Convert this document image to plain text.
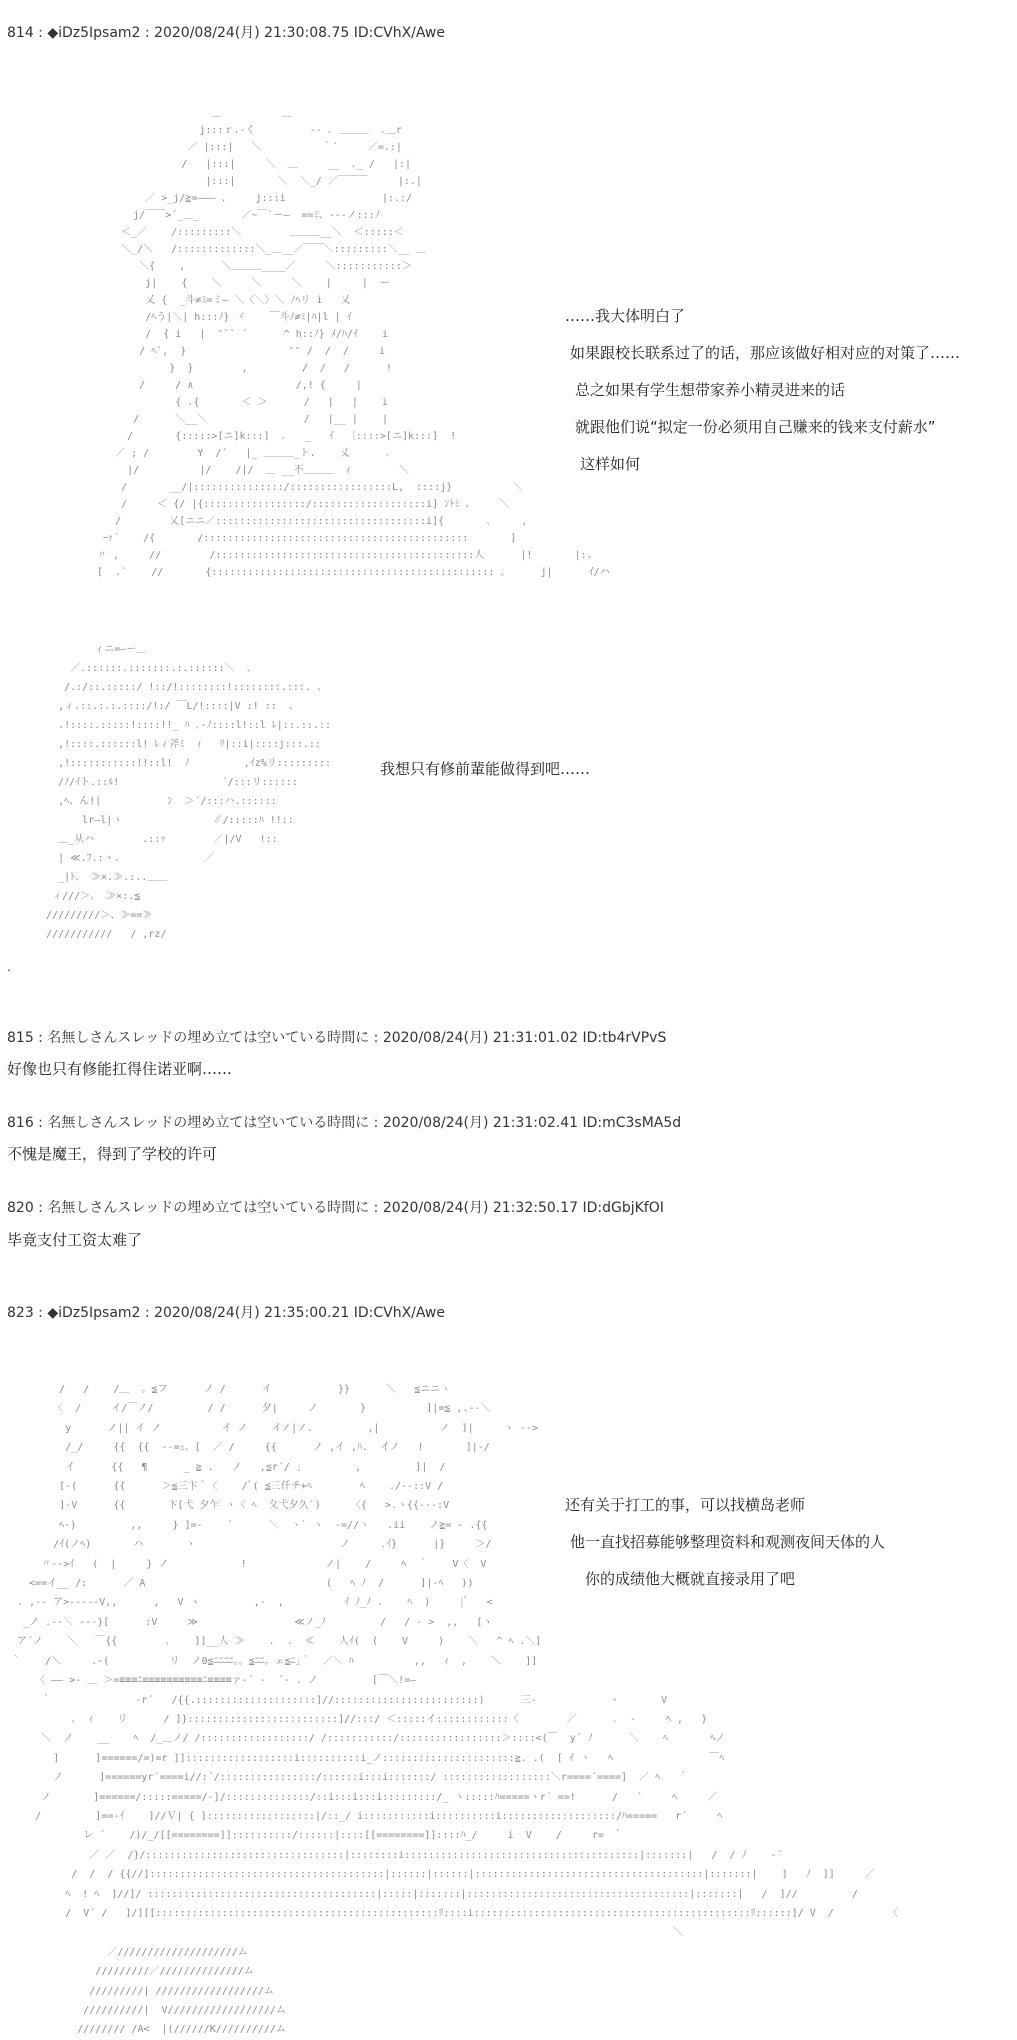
814 : ◆iDz5Ipsam2 : 2020/08/24(月) 21:30:08.75 ID:CVhX/Awe
＿          ＿
j:::ｒ.-く         -- ､ ＿＿＿  ､＿r
／ |:::|   ＼          ｀´     ／=.:|
/   |:::|     ＼  ＿     __  ､_ /   |:|
|:::|       ＼  ＼_/ ／￣￣￣     |:.|
／ >_j/≧=――― 、    j:::i                |:.:/
j/￣￣>´_＿_       ／~￣`ー―  ==ﾐ、--‐ノ:::ﾉ
＜_／    /:::::::::＼        ＿＿＿__＼  ＜:::::＜
＼_/＼   /:::::::::::::＼_＿__／￣￣＼:::::::::＼__ ＿
＼{    ,      ＼＿＿＿____／     ＼:::::::::::＞
j|    {    ＼     ＼     ＼    |     |  ー
乂 {  _斗≠ﾐ=ミ― ＼〈＼〉＼ ﾉﾍリ i   乂
/ﾍう|＼| h:::ﾉ} ヾ    ￣斗ﾉ≠ﾐ|ﾊ|l | ｲ
/  { i   |  ″`` ´      ^ h::ﾉ} ﾒ/ﾊ/ｲ    i
/ ﾍ`,  }                 ″″ /  /  /     i
}  }        ,         /  /   /      !
/     / ∧                 /,! {     |
{ .{       ＜ ＞      /   |   |    i
/      ＼__＼                /   |__ |    |
/       {:::::>[ニ]k:::]  ､   _   ｲ  〔::::>[ニ]k:::]  !
／ ; /        Y  /´   |_ ＿＿＿_ト.    乂      ､
|/          |/    /|/  ＿ __不＿＿＿  ｨ        ＼
/       __/|:::::::::::::::/:::::::::::::::::L,  ::::j}          ＼
/     ＜ {/ |{:::::::::::::::::/:::::::::::::::::::i] ﾝﾄﾐ 、    ＼
/        乂[ニニ／:::::::::::::::::::::::::::::::::::i]{       ､     ,
ｰｧ´    /{       /::::::::::::::::::::::::::::::::::::::::::::       ]
〃 ,     //        /:::::::::::::::::::::::::::::::::::::::::::人      |!       |:.
[  .`    //       {::::::::::::::::::::::::::::::::::::::::::::::: 。     j|      ｲ/ハ

……我大体明白了
如果跟校长联系过了的话，那应该做好相对应的对策了……
总之如果有学生想带家养小精灵进来的话
就跟他们说“拟定一份必须用自己赚来的钱来支付薪水”
这样如何
ィニ=―ー＿
／.::::::.:::::::.:.::::::＼  、
/.:/::.:::::/ !::/!::::::::!::::::::.:::. 、
,ィ.::.:.:.::::/!:/ ￣L/!::::|V :! ::  、
.!::::.:::::!::::!!_ ﾊ ､-ﾉ::::l!::l ﾚ|::.::.::
,!::::.::::::l! ﾚィ斧ﾐ  ｨ   ﾘ|::i|::::j:::.::
,!:::::::::::!!::l!  ﾉ         ,ｲz%リ:::::::::
/ﾉ/ｲト.::ﾙ!                 ´/:::リ::::::
,ﾍ、ん!|           ﾝ  ＞´/:::ハ.::::::
lr―l|ヽ               ∥/:::::ﾊ !!::
＿_从ハ        .::ｯ        ／|/V   !::
| ≪.ﾌ.:ヽ.              ／
_|ﾄ、 ≫×.≫.:..＿＿
ィ///＞、 ≫×:.≦
/////////＞、≫==≫
///////////   / ,rz/

我想只有修前輩能做得到吧……
.
815 : 名無しさんスレッドの埋め立ては空いている時間に : 2020/08/24(月) 21:31:01.02 ID:tb4rVPvS
好像也只有修能扛得住诺亚啊……
816 : 名無しさんスレッドの埋め立ては空いている時間に : 2020/08/24(月) 21:31:02.41 ID:mC3sMA5d
不愧是魔王，得到了学校的许可
820 : 名無しさんスレッドの埋め立ては空いている時間に : 2020/08/24(月) 21:32:50.17 ID:dGbjKfOI
毕竟支付工资太难了
823 : ◆iDz5Ipsam2 : 2020/08/24(月) 21:35:00.21 ID:CVhX/Awe
/   /    /＿  。≦フ      ノ /      イ           }}      ＼   ≦ニニヽ
〈  /     イ/￣ノ/         / /      夕|     ノ       }          ]|=≦ ,.--＼
y      ノ|| イ ノ          イ ノ    イノ|ノ.         ,|          ノ  ]|     ヽ -->
/_/     {{  {{  --=ｪ。[  ／ /     {{      ノ ,イ ,ﾊ.  イノ   !       ]|-/
イ      {{   ¶      _ ≧ .   ノ   ,≦r´/ ｣         ,         ]|  /
[-(      {{      ＞≦三卞｀〈    /ﾞ( ≦三仟チ+ﾍ        ﾍ    ./--::V /
]-V      {{       卞[弋 夕乍 ヽ〈 ﾍ  夂弋夕久`)     〈{   >.ヽ{{---:V
ﾍ-)         ,,     } ]=-    ´      ＼  ヽ` ヽ  -=//ヽ   .ii    ノ≧= - .{{
/ｲ(ノﾍ)       ハ       ヽ                        ノ     .ｲ}      |}     ＞/
〃-->ｲ   (  |     } ノ            !             ノ|    /     ﾍ  ｀    V〈  V
<==イ__ /:      ／ A                              (   ﾍ ﾉ  /      ]|-ﾍ   ))
. ,-- ア>-----V,,      ,   V ヽ         ,-  ,          ｲ ﾉ_ﾉ .    ﾍ  )     |ﾞ   <
_ノ .--＼ ---}[      :V     ≫                ≪ノ_ﾉ         /   / - >  ,,   [ヽ
ア´ノ    ＼   ￣{{        ､    ]]__人 ≫    .  .  ≪    人ｲ(  (    V     )    ＼   ^ ﾍ .＼]
｀    /＼     .-(          リ  ノ0≦ﾆﾆﾆﾆ。。≦ﾆﾆ。ェ≦ﾆ｣｀  ／＼ ﾊ          ,,   ｨ  ,    ＼    ]]
〈 ―― >- ＿ ＞=≡≡≡ﾆ≡≡≡≡≡≡≡≡≡≡ﾆ≡≡≡≡ァ-´ -  ´- . ノ         [￣＼!=―
｀              -r´   /{{.::::::::::::::::::::]//::::::::::::::::::::::::)      三-            ヽ       V
､  ｨ    リ      / ]}:::::::::::::::::::::::::]//:::/ ＜:::::イ::::::::::::〈        ／      ､  -     ﾍ ,   }
＼  ノ    __    ﾍ  /_＿ノ/ /::::::::::::::::::/ /:::::::::::/:::::::::::::::::＞::::<(￣  y´ ﾉ      ＼    ﾍ       ﾍノ
]      ]======/=)=r ]]::::::::::::::::::i::::::::::i_ノ::::::::::::::::::::::≧. .(  [ ｲ ヽ   ﾍ                ￣ﾍ
ノ      ]======yr´====i//:´/::::::::::::::::/::::::i:::i:::::::/ ::::::::::::::::::＼r====´====]  ／ ﾍ   ｀
ノ       ]======/:::::=====/-]/::::::::::::::/::i:::i:::i:::::::::/_ ヽ:::::ﾊ=====ヽr´ ==!      /   ´     ﾍ     ／
/         ]==-ｲ    ]//Ｖ| { ]::::::::::::::::::|/::_/ i:::::::::::i::::::::::i:::::::::::::::::::/ﾊ=====   r´     ﾍ
レ ´    /)/_/[[========]]::::::::::/::::::|::::[[========]]::::ﾊ_/     i  V    /     r=  ﾞ
／ ／  /}/:::::::::::::::::::::::::::::::::|::::::::i:::::::::::::::::::::::::::::::::::::::|:::::::|   /  / ﾉ    -´
/  /  / {{//]:::::::::::::::::::::::::::::::::::::::|::::::|::::::|::::::::::::::::::::::::::::::::::::::|:::::::|    ]   ﾉ  ]]     ／
ﾍ  ! ﾍ  ]//]/ ::::::::::::::::::::::::::::::::::::::|:::::|:::::::|:::::::::::::::::::::::::::::::::::::|:::::::|   /  ]//         /
/  V´ /   ]/][[:::::::::::::::::::::::::::::::::::::::::::::::ﾘ::::i::::::::::::::::::::::::::::::::::::::::::::::ﾘ::::::]/ V  /         〈
＼
／////////////////////ム
/////////／//////////////ム
/////////| //////////////////ム
//////////|  V//////////////////ム
//////// /A<  |(//////K//////////ム

还有关于打工的事，可以找横岛老师
他一直找招募能够整理资料和观测夜间天体的人
你的成绩他大概就直接录用了吧
